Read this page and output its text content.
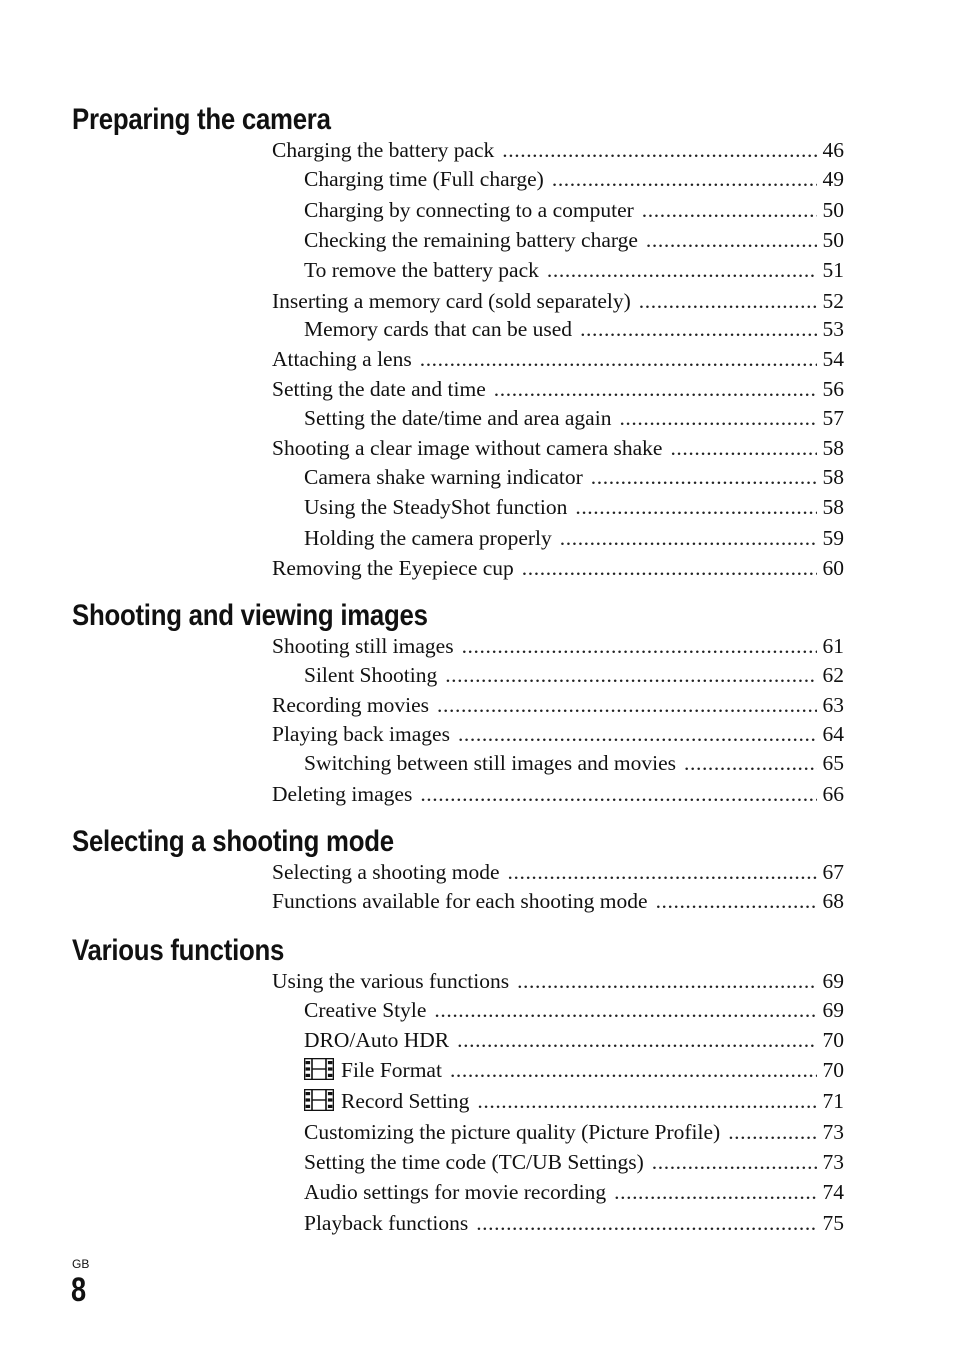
Preparing the camera
Charging the battery pack .....	46
Charging time (Full charge) .....	49
Charging by connecting to a computer .....	50
Checking the remaining battery charge .....	50
To remove the battery pack .....	51
Inserting a memory card (sold separately) .....	52
Memory cards that can be used .....	53
Attaching a lens .....	54
Setting the date and time .....	56
Setting the date/time and area again .....	57
Shooting a clear image without camera shake .....	58
Camera shake warning indicator .....	58
Using the SteadyShot function .....	58
Holding the camera properly .....	59
Removing the Eyepiece cup .....	60
Shooting and viewing images
Shooting still images .....	61
Silent Shooting .....	62
Recording movies .....	63
Playing back images .....	64
Switching between still images and movies .....	65
Deleting images .....	66
Selecting a shooting mode
Selecting a shooting mode .....	67
Functions available for each shooting mode .....	68
Various functions
Using the various functions .....	69
Creative Style .....	69
DRO/Auto HDR .....	70
File Format .....	70
Record Setting .....	71
Customizing the picture quality (Picture Profile) .....	73
Setting the time code (TC/UB Settings) .....	73
Audio settings for movie recording .....	74
Playback functions .....	75
GB
8
